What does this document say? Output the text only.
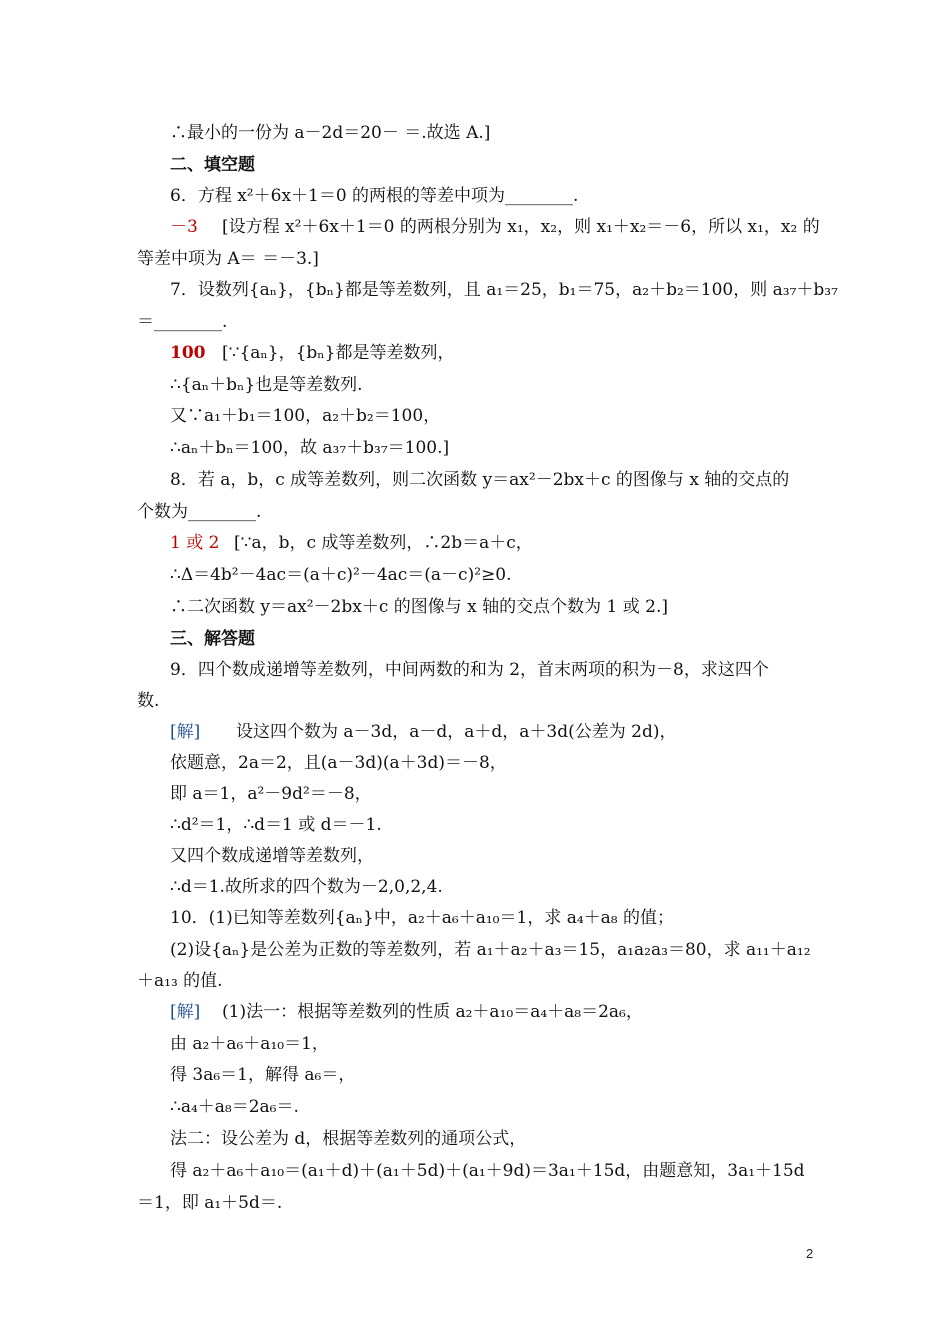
∴最小的一份为 a－2d＝20－ ＝.故选 A.]
二、填空题
6．方程 x²＋6x＋1＝0 的两根的等差中项为________.
－3 [设方程 x²＋6x＋1＝0 的两根分别为 x₁，x₂，则 x₁＋x₂＝－6，所以 x₁，x₂ 的
等差中项为 A＝ ＝－3.]
7．设数列{aₙ}，{bₙ}都是等差数列，且 a₁＝25，b₁＝75，a₂＋b₂＝100，则 a₃₇＋b₃₇
＝________.
100 [∵{aₙ}，{bₙ}都是等差数列，
∴{aₙ＋bₙ}也是等差数列.
又∵a₁＋b₁＝100，a₂＋b₂＝100，
∴aₙ＋bₙ＝100，故 a₃₇＋b₃₇＝100.]
8．若 a，b，c 成等差数列，则二次函数 y＝ax²－2bx＋c 的图像与 x 轴的交点的
个数为________.
1 或 2 [∵a，b，c 成等差数列，∴2b＝a＋c，
∴Δ＝4b²－4ac＝(a＋c)²－4ac＝(a－c)²≥0.
∴二次函数 y＝ax²－2bx＋c 的图像与 x 轴的交点个数为 1 或 2.]
三、解答题
9．四个数成递增等差数列，中间两数的和为 2，首末两项的积为－8，求这四个
数.
[解] 设这四个数为 a－3d，a－d，a＋d，a＋3d(公差为 2d)，
依题意，2a＝2，且(a－3d)(a＋3d)＝－8，
即 a＝1，a²－9d²＝－8，
∴d²＝1，∴d＝1 或 d＝－1.
又四个数成递增等差数列，
∴d＝1.故所求的四个数为－2,0,2,4.
10．(1)已知等差数列{aₙ}中，a₂＋a₆＋a₁₀＝1，求 a₄＋a₈ 的值；
(2)设{aₙ}是公差为正数的等差数列，若 a₁＋a₂＋a₃＝15，a₁a₂a₃＝80，求 a₁₁＋a₁₂
＋a₁₃ 的值.
[解] (1)法一：根据等差数列的性质 a₂＋a₁₀＝a₄＋a₈＝2a₆，
由 a₂＋a₆＋a₁₀＝1，
得 3a₆＝1，解得 a₆＝，
∴a₄＋a₈＝2a₆＝.
法二：设公差为 d，根据等差数列的通项公式，
得 a₂＋a₆＋a₁₀＝(a₁＋d)＋(a₁＋5d)＋(a₁＋9d)＝3a₁＋15d，由题意知，3a₁＋15d
＝1，即 a₁＋5d＝.
2
